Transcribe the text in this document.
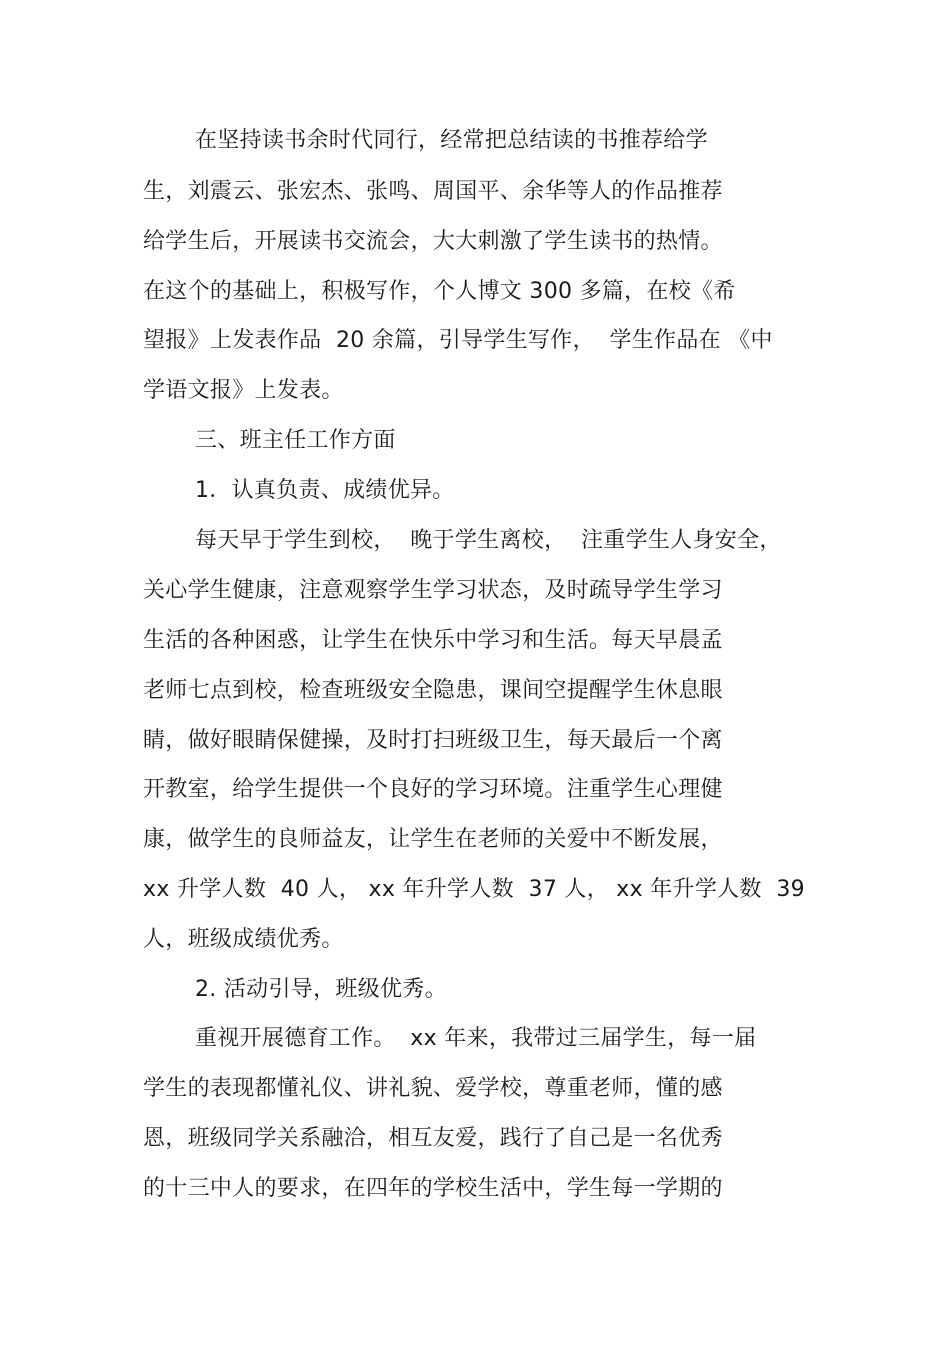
在坚持读书余时代同行，经常把总结读的书推荐给学
生，刘震云、张宏杰、张鸣、周国平、余华等人的作品推荐
给学生后，开展读书交流会，大大刺激了学生读书的热情。
在这个的基础上，积极写作，个人博文 300 多篇，在校《希
望报》上发表作品  20 余篇，引导学生写作，  学生作品在 《中
学语文报》上发表。
三、班主任工作方面
1．认真负责、成绩优异。
每天早于学生到校，  晚于学生离校，  注重学生人身安全，
关心学生健康，注意观察学生学习状态，及时疏导学生学习
生活的各种困惑，让学生在快乐中学习和生活。每天早晨孟
老师七点到校，检查班级安全隐患，课间空提醒学生休息眼
睛，做好眼睛保健操，及时打扫班级卫生，每天最后一个离
开教室，给学生提供一个良好的学习环境。注重学生心理健
康，做学生的良师益友，让学生在老师的关爱中不断发展，
xx 升学人数  40 人， xx 年升学人数  37 人， xx 年升学人数  39
人，班级成绩优秀。
2. 活动引导，班级优秀。
重视开展德育工作。  xx 年来，我带过三届学生，每一届
学生的表现都懂礼仪、讲礼貌、爱学校，尊重老师，懂的感
恩，班级同学关系融洽，相互友爱，践行了自己是一名优秀
的十三中人的要求，在四年的学校生活中，学生每一学期的
